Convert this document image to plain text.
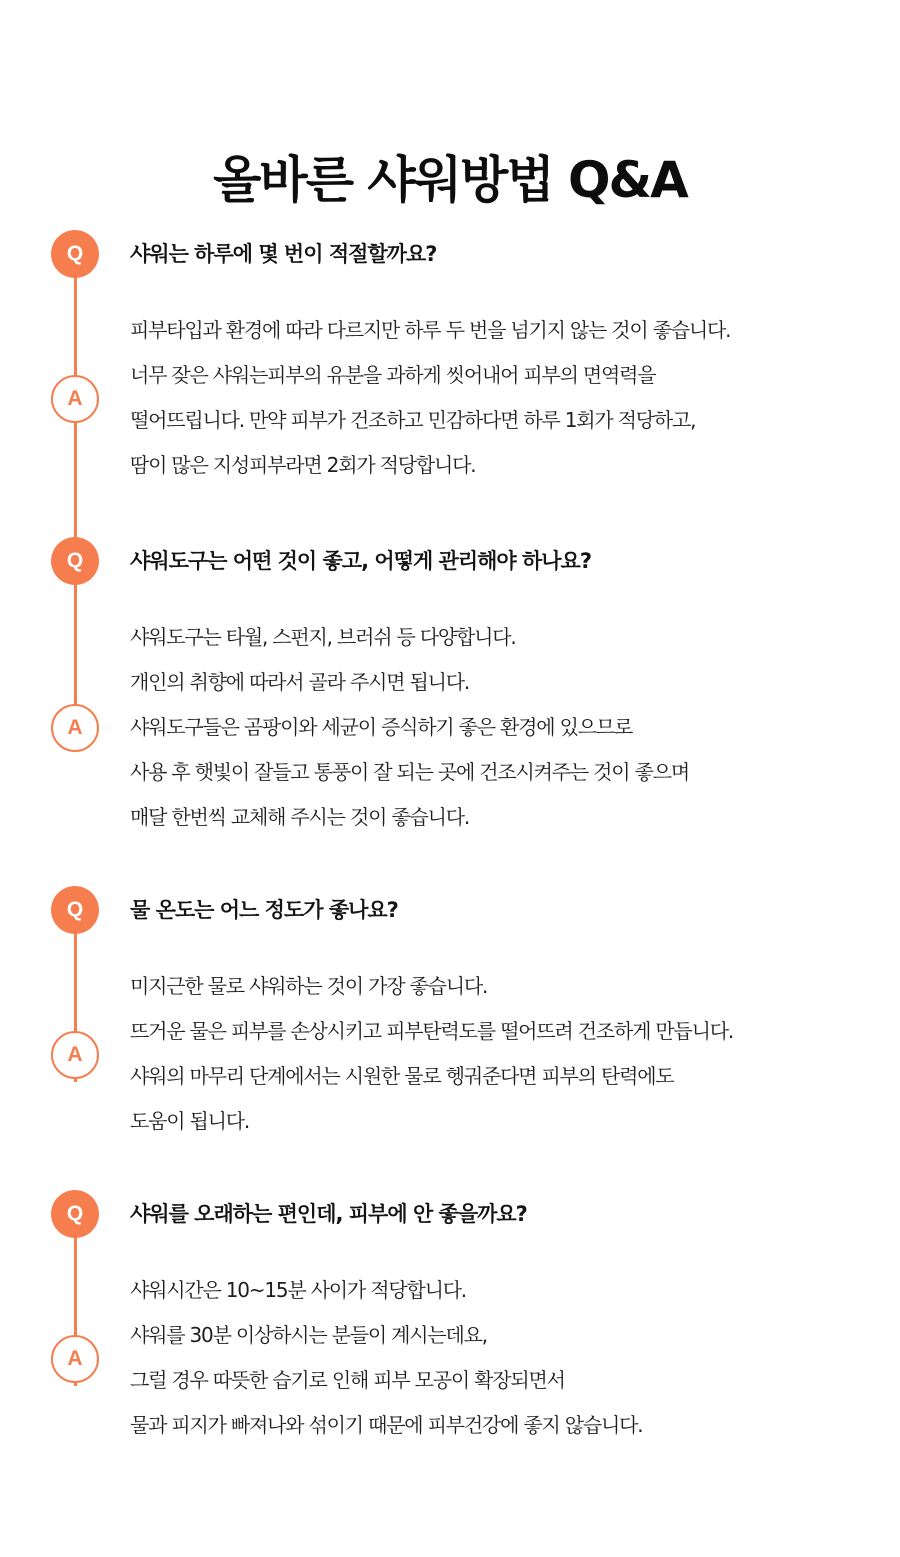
올바른 샤워방법 Q&A
Q
A
샤워는 하루에 몇 번이 적절할까요?
피부타입과 환경에 따라 다르지만 하루 두 번을 넘기지 않는 것이 좋습니다.
너무 잦은 샤워는피부의 유분을 과하게 씻어내어 피부의 면역력을
떨어뜨립니다. 만약 피부가 건조하고 민감하다면 하루 1회가 적당하고,
땀이 많은 지성피부라면 2회가 적당합니다.
Q
A
샤워도구는 어떤 것이 좋고, 어떻게 관리해야 하나요?
샤워도구는 타월, 스펀지, 브러쉬 등 다양합니다.
개인의 취향에 따라서 골라 주시면 됩니다.
샤워도구들은 곰팡이와 세균이 증식하기 좋은 환경에 있으므로
사용 후 햇빛이 잘들고 통풍이 잘 되는 곳에 건조시켜주는 것이 좋으며
매달 한번씩 교체해 주시는 것이 좋습니다.
Q
A
물 온도는 어느 정도가 좋나요?
미지근한 물로 샤워하는 것이 가장 좋습니다.
뜨거운 물은 피부를 손상시키고 피부탄력도를 떨어뜨려 건조하게 만듭니다.
샤워의 마무리 단계에서는 시원한 물로 헹궈준다면 피부의 탄력에도
도움이 됩니다.
Q
A
샤워를 오래하는 편인데, 피부에 안 좋을까요?
샤워시간은 10~15분 사이가 적당합니다.
샤워를 30분 이상하시는 분들이 계시는데요,
그럴 경우 따뜻한 습기로 인해 피부 모공이 확장되면서
물과 피지가 빠져나와 섞이기 때문에 피부건강에 좋지 않습니다.
